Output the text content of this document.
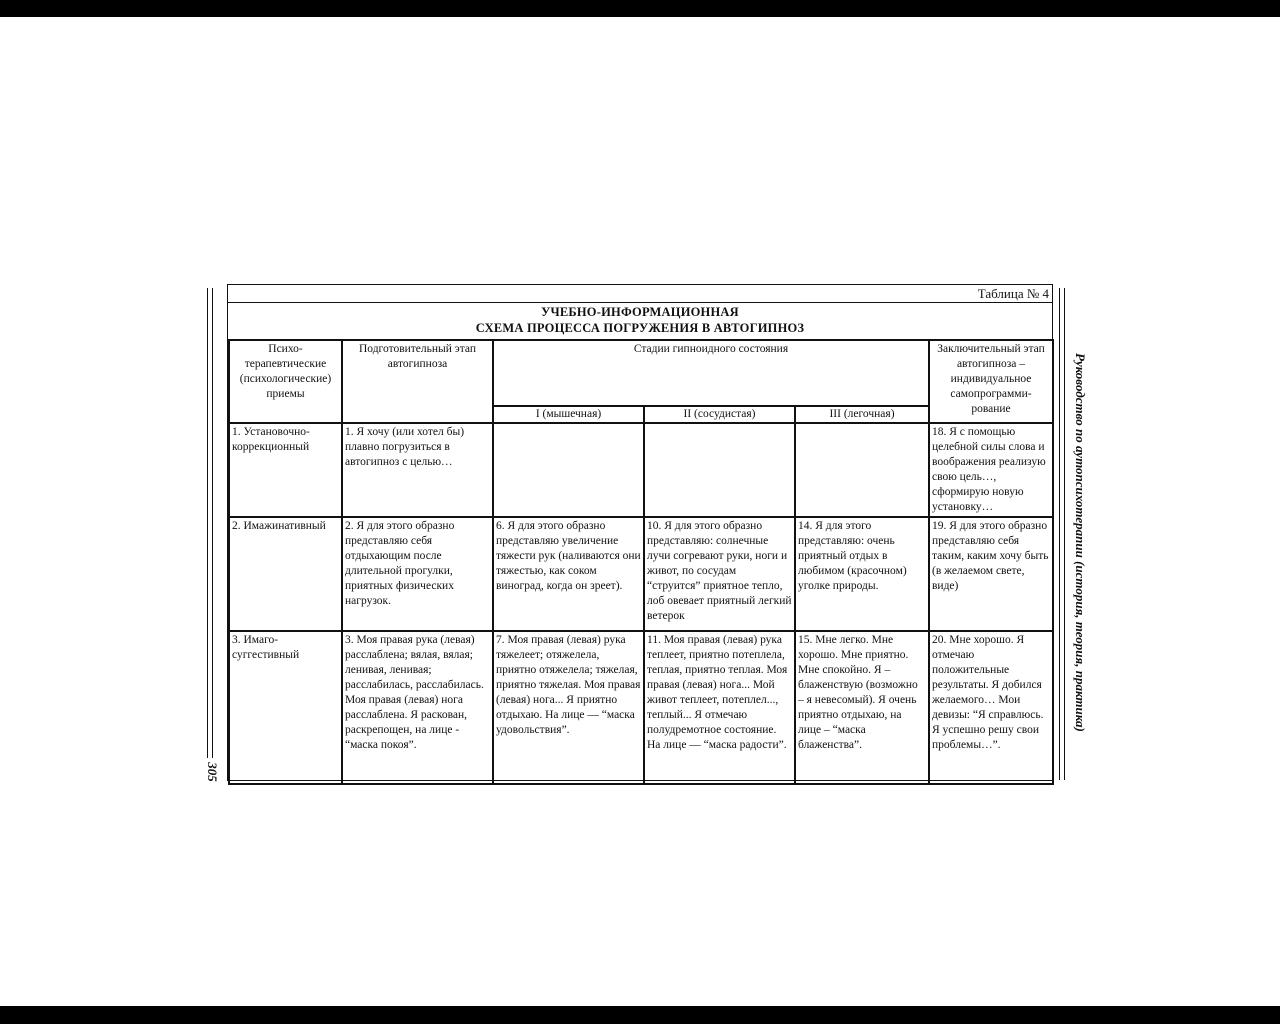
305
Руководство по аутопсихотерапии (история, теория, практика)
Таблица № 4
УЧЕБНО-ИНФОРМАЦИОННАЯ
СХЕМА ПРОЦЕССА ПОГРУЖЕНИЯ В АВТОГИПНОЗ
Психо-терапевтические (психологические) приемы	Подготовительный этап автогипноза	Стадии гипноидного состояния			Заключительный этап автогипноза – индивидуальное самопрограмми-рование
		I (мышечная)	II (сосудистая)	III (легочная)	
1. Установочно-коррекционный	1. Я хочу (или хотел бы) плавно погрузиться в автогипноз с целью…				18. Я с помощью целебной силы слова и воображения реализую свою цель…, сформирую новую установку…
2. Имажинативный	2. Я для этого образно представляю себя отдыхающим после длительной прогулки, приятных физических нагрузок.	6. Я для этого образно представляю увеличение тяжести рук (наливаются они тяжестью, как соком виноград, когда он зреет).	10. Я для этого образно представляю: солнечные лучи согревают руки, ноги и живот, по сосудам “струится” приятное тепло, лоб овевает приятный легкий ветерок	14. Я для этого представляю: очень приятный отдых в любимом (красочном) уголке природы.	19. Я для этого образно представляю себя таким, каким хочу быть (в желаемом свете, виде)
3. Имаго-суггестивный	3. Моя правая рука (левая) расслаблена; вялая, вялая; ленивая, ленивая; расслабилась, расслабилась. Моя правая (левая) нога расслаблена. Я раскован, раскрепощен, на лице - “маска покоя”.	7. Моя правая (левая) рука тяжелеет; отяжелела, приятно отяжелела; тяжелая, приятно тяжелая. Моя правая (левая) нога... Я приятно отдыхаю. На лице — “маска удовольствия”.	11. Моя правая (левая) рука теплеет, приятно потеплела, теплая, приятно теплая. Моя правая (левая) нога... Мой живот теплеет, потеплел..., теплый... Я отмечаю полудремотное состояние. На лице — “маска радости”.	15. Мне легко. Мне хорошо. Мне приятно. Мне спокойно. Я – блаженствую (возможно – я невесомый). Я очень приятно отдыхаю, на лице – “маска блаженства”.	20. Мне хорошо. Я отмечаю положительные результаты. Я добился желаемого… Мои девизы: “Я справлюсь. Я успешно решу свои проблемы…”.
